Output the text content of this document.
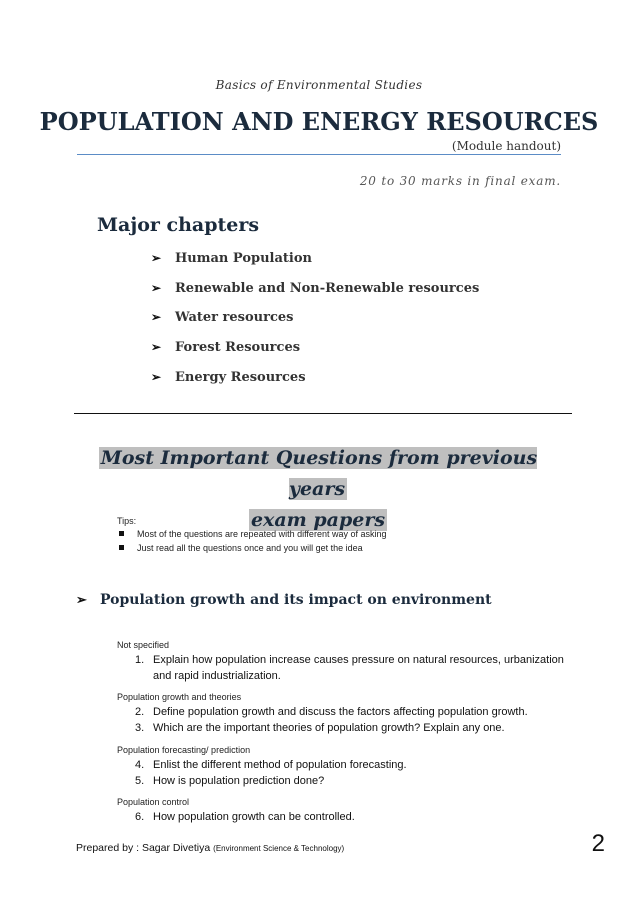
Basics of Environmental Studies
POPULATION AND ENERGY RESOURCES
(Module handout)
20 to 30 marks in final exam.
Major chapters
➢ Human Population
➢ Renewable and Non-Renewable resources
➢ Water resources
➢ Forest Resources
➢ Energy Resources
Most Important Questions from previous years
exam papers
Tips:
Most of the questions are repeated with different way of asking
Just read all the questions once and you will get the idea
➢ Population growth and its impact on environment
Not specified
1. Explain how population increase causes pressure on natural resources, urbanization and rapid industrialization.
Population growth and theories
2. Define population growth and discuss the factors affecting population growth.
3. Which are the important theories of population growth? Explain any one.
Population forecasting/ prediction
4. Enlist the different method of population forecasting.
5. How is population prediction done?
Population control
6. How population growth can be controlled.
Prepared by : Sagar Divetiya (Environment Science & Technology)	2
